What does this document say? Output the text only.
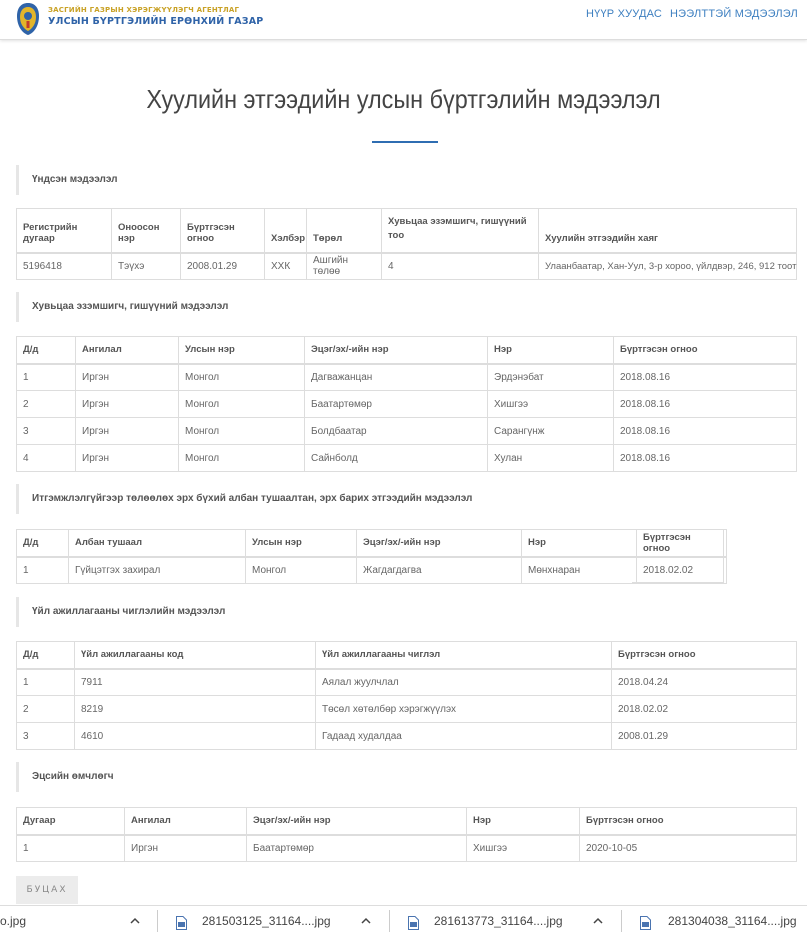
ЗАСГИЙН ГАЗРЫН ХЭРЭГЖҮҮЛЭГЧ АГЕНТЛАГ
УЛСЫН БҮРТГЭЛИЙН ЕРӨНХИЙ ГАЗАР
НҮҮР ХУУДАС НЭЭЛТТЭЙ МЭДЭЭЛЭЛ
Хуулийн этгээдийн улсын бүртгэлийн мэдээлэл
Үндсэн мэдээлэл
Регистрийн дугаар	Оноосон нэр	Бүртгэсэн огноо	Хэлбэр	Төрөл	Хувьцаа эзэмшигч, гишүүний тоо	Хуулийн этгээдийн хаяг
5196418	Тэүхэ	2008.01.29	ХХК	Ашгийн төлөө	4	Улаанбаатар, Хан-Уул, 3-р хороо, үйлдвэр, 246, 912 тоот
Хувьцаа эзэмшигч, гишүүний мэдээлэл
Д/д	Ангилал	Улсын нэр	Эцэг/эх/-ийн нэр	Нэр	Бүртгэсэн огноо
1	Иргэн	Монгол	Дагважанцан	Эрдэнэбат	2018.08.16
2	Иргэн	Монгол	Баатартөмөр	Хишгээ	2018.08.16
3	Иргэн	Монгол	Болдбаатар	Сарангүнж	2018.08.16
4	Иргэн	Монгол	Сайнболд	Хулан	2018.08.16
Итгэмжлэлгүйгээр төлөөлөх эрх бүхий албан тушаалтан, эрх барих этгээдийн мэдээлэл
Д/д	Албан тушаал	Улсын нэр	Эцэг/эх/-ийн нэр	Нэр	Бүртгэсэн огноо
1	Гүйцэтгэх захирал	Монгол	Жагдагдагва	Мөнхнаран	2018.02.02
Үйл ажиллагааны чиглэлийн мэдээлэл
Д/д	Үйл ажиллагааны код	Үйл ажиллагааны чиглэл	Бүртгэсэн огноо
1	7911	Аялал жуулчлал	2018.04.24
2	8219	Төсөл хөтөлбөр хэрэгжүүлэх	2018.02.02
3	4610	Гадаад худалдаа	2008.01.29
Эцсийн өмчлөгч
Дугаар	Ангилал	Эцэг/эх/-ийн нэр	Нэр	Бүртгэсэн огноо
1	Иргэн	Баатартөмөр	Хишгээ	2020-10-05
БУЦАХ
о.jpg	281503125_31164....jpg	281613773_31164....jpg	281304038_31164....jpg
